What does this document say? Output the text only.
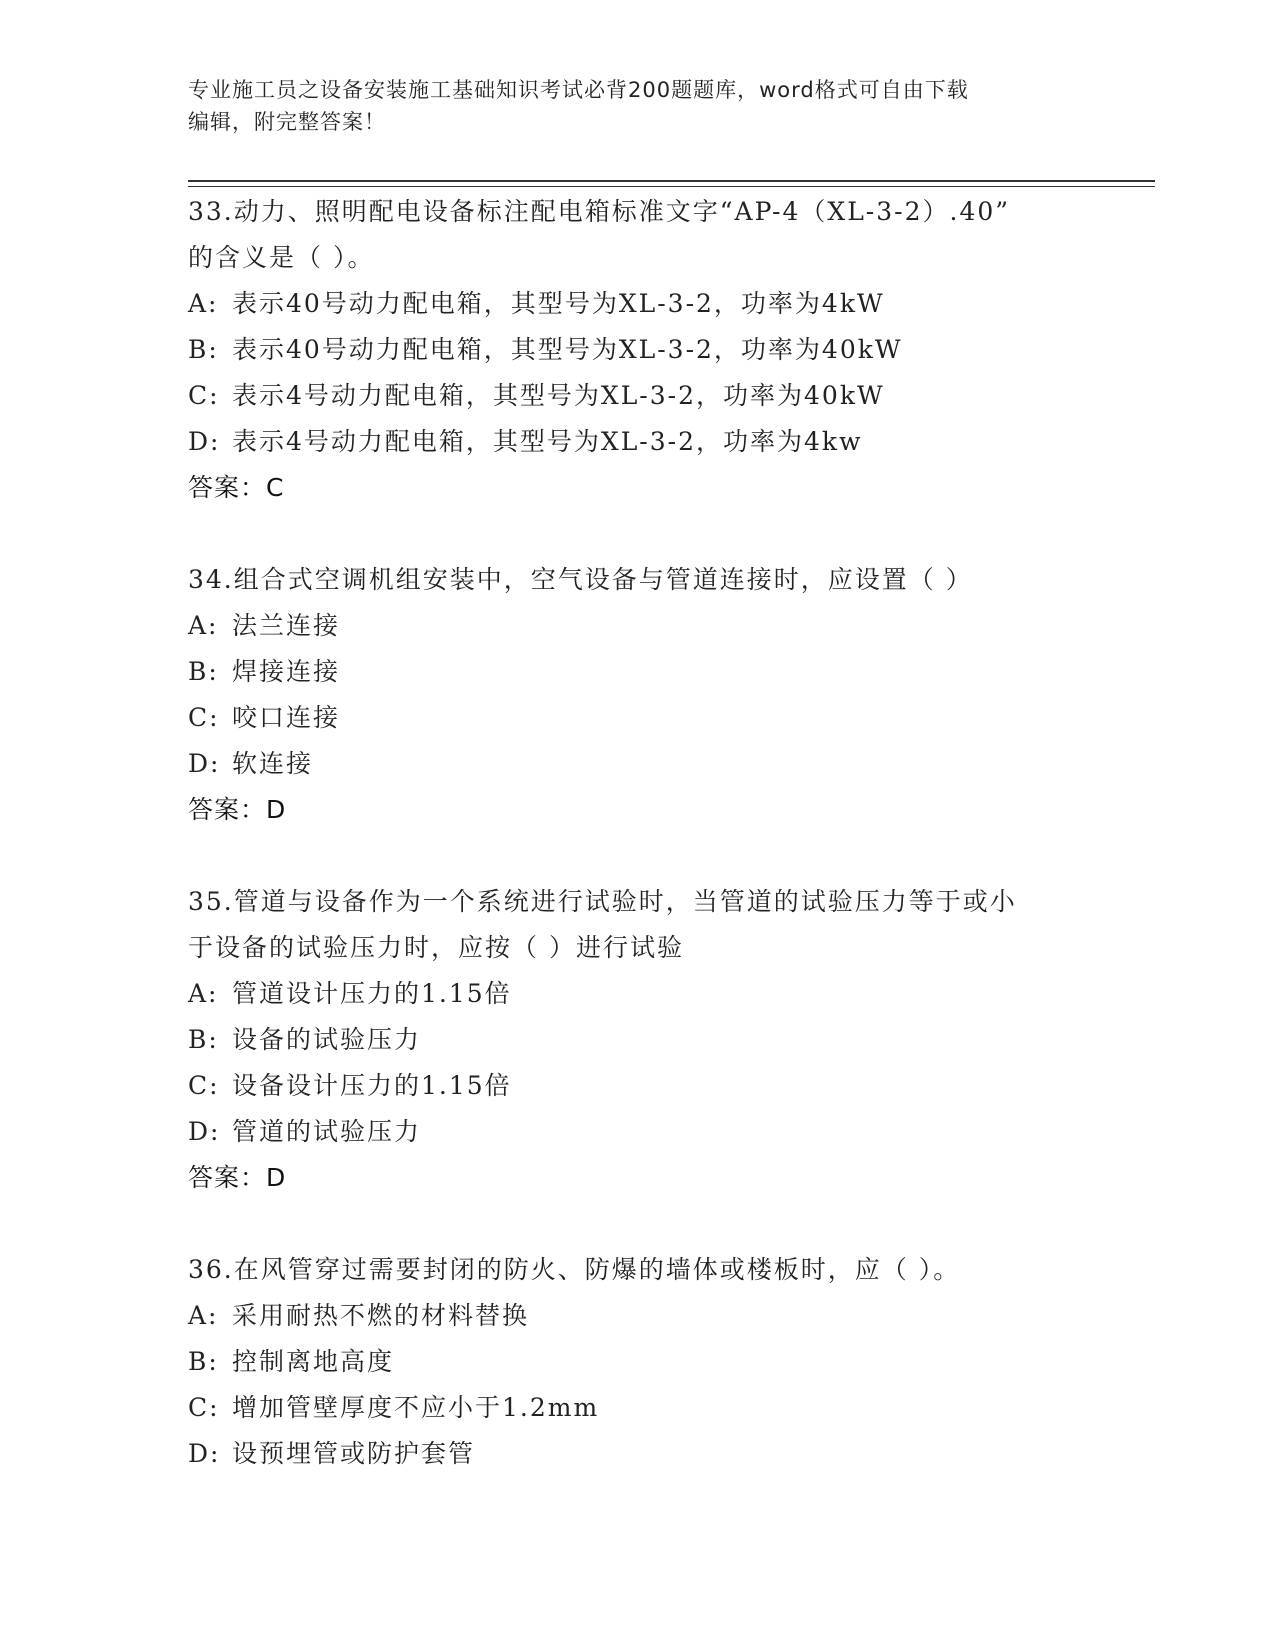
专业施工员之设备安装施工基础知识考试必背200题题库，word格式可自由下载
编辑，附完整答案！
33.动力、照明配电设备标注配电箱标准文字“AP-4（XL-3-2）.40”
的含义是（ ）。
A: 表示40号动力配电箱，其型号为XL-3-2，功率为4kW
B: 表示40号动力配电箱，其型号为XL-3-2，功率为40kW
C: 表示4号动力配电箱，其型号为XL-3-2，功率为40kW
D: 表示4号动力配电箱，其型号为XL-3-2，功率为4kw
答案：C
34.组合式空调机组安装中，空气设备与管道连接时，应设置（ ）
A: 法兰连接
B: 焊接连接
C: 咬口连接
D: 软连接
答案：D
35.管道与设备作为一个系统进行试验时，当管道的试验压力等于或小
于设备的试验压力时，应按（ ）进行试验
A: 管道设计压力的1.15倍
B: 设备的试验压力
C: 设备设计压力的1.15倍
D: 管道的试验压力
答案：D
36.在风管穿过需要封闭的防火、防爆的墙体或楼板时，应（ ）。
A: 采用耐热不燃的材料替换
B: 控制离地高度
C: 增加管壁厚度不应小于1.2mm
D: 设预埋管或防护套管
